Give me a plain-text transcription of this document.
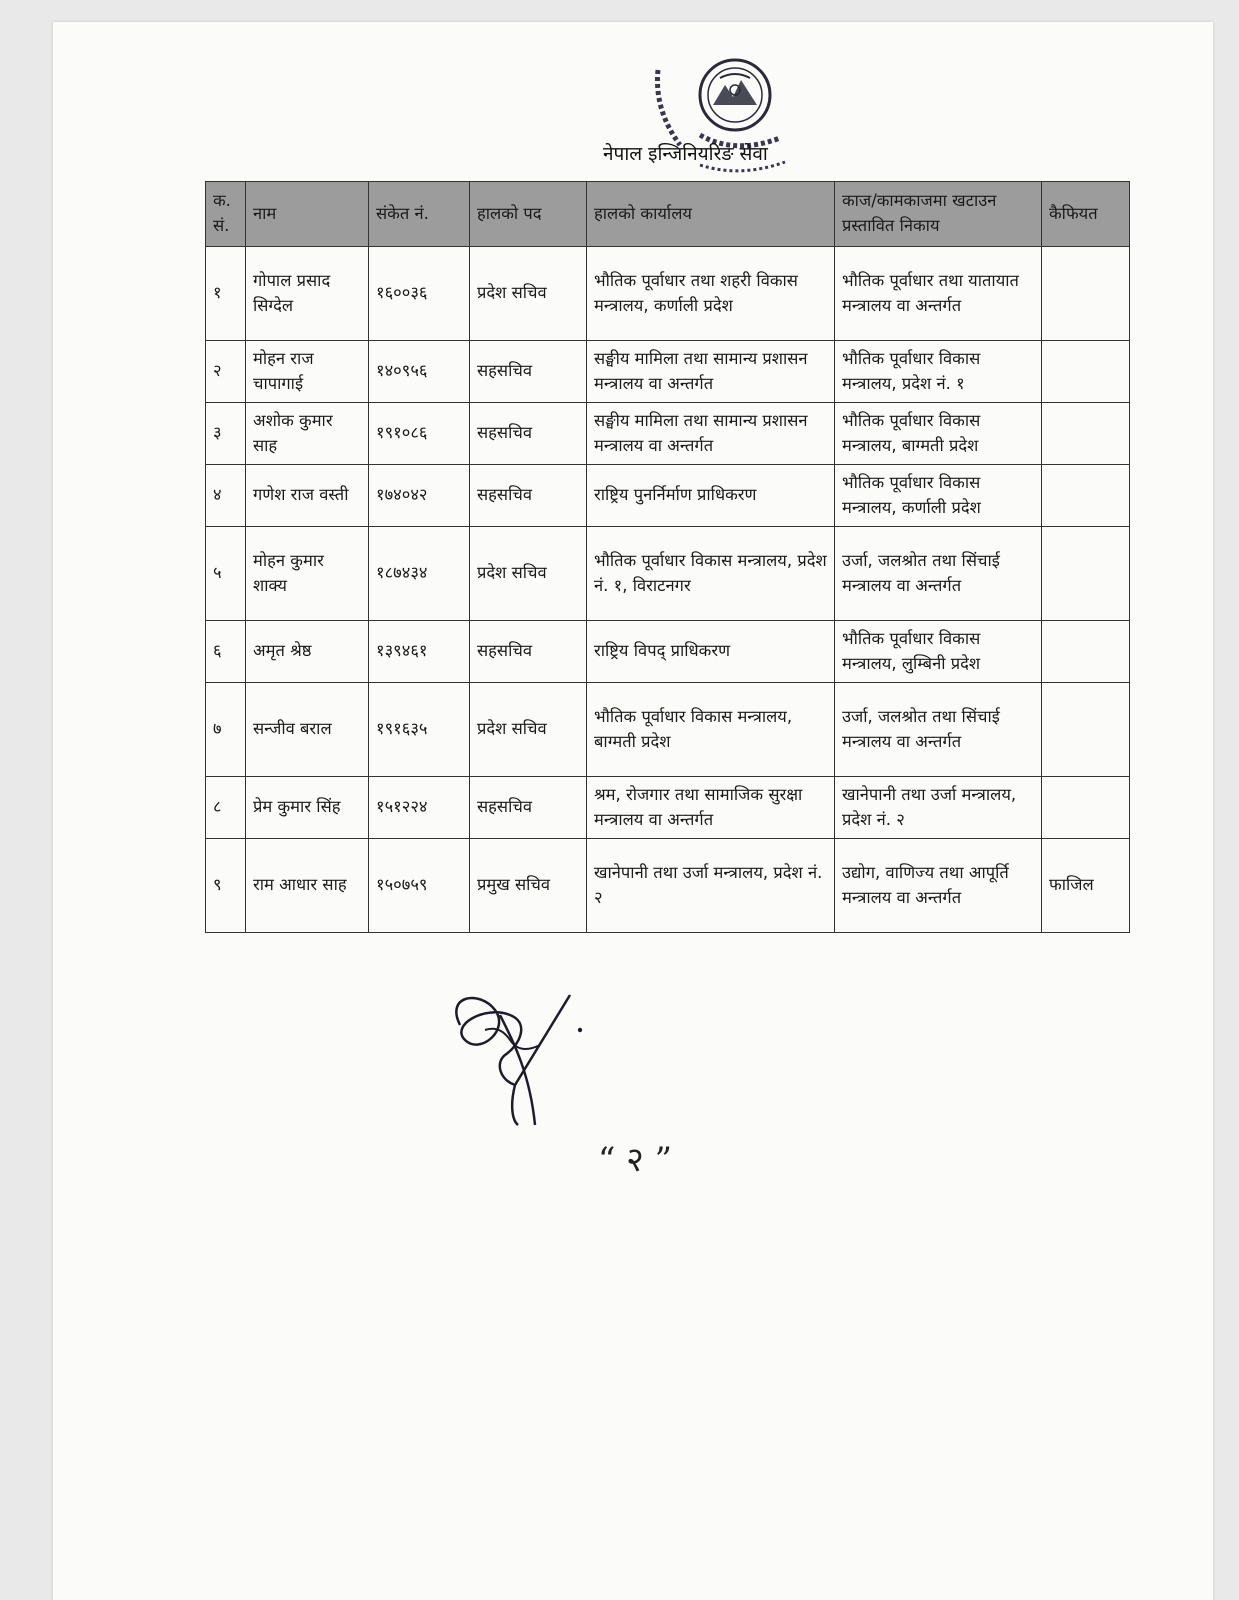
नेपाल इन्जिनियरिङ सेवा
क. सं.	नाम	संकेत नं.	हालको पद	हालको कार्यालय	काज/कामकाजमा खटाउन प्रस्तावित निकाय	कैफियत
१	गोपाल प्रसाद सिग्देल	१६००३६	प्रदेश सचिव	भौतिक पूर्वाधार तथा शहरी विकास मन्त्रालय, कर्णाली प्रदेश	भौतिक पूर्वाधार तथा यातायात मन्त्रालय वा अन्तर्गत	
२	मोहन राज चापागाई	१४०९५६	सहसचिव	सङ्घीय मामिला तथा सामान्य प्रशासन मन्त्रालय वा अन्तर्गत	भौतिक पूर्वाधार विकास मन्त्रालय, प्रदेश नं. १	
३	अशोक कुमार साह	१९१०८६	सहसचिव	सङ्घीय मामिला तथा सामान्य प्रशासन मन्त्रालय वा अन्तर्गत	भौतिक पूर्वाधार विकास मन्त्रालय, बाग्मती प्रदेश	
४	गणेश राज वस्ती	१७४०४२	सहसचिव	राष्ट्रिय पुनर्निर्माण प्राधिकरण	भौतिक पूर्वाधार विकास मन्त्रालय, कर्णाली प्रदेश	
५	मोहन कुमार शाक्य	१८७४३४	प्रदेश सचिव	भौतिक पूर्वाधार विकास मन्त्रालय, प्रदेश नं. १, विराटनगर	उर्जा, जलश्रोत तथा सिंचाई मन्त्रालय वा अन्तर्गत	
६	अमृत श्रेष्ठ	१३९४६१	सहसचिव	राष्ट्रिय विपद् प्राधिकरण	भौतिक पूर्वाधार विकास मन्त्रालय, लुम्बिनी प्रदेश	
७	सन्जीव बराल	१९१६३५	प्रदेश सचिव	भौतिक पूर्वाधार विकास मन्त्रालय, बाग्मती प्रदेश	उर्जा, जलश्रोत तथा सिंचाई मन्त्रालय वा अन्तर्गत	
८	प्रेम कुमार सिंह	१५१२२४	सहसचिव	श्रम, रोजगार तथा सामाजिक सुरक्षा मन्त्रालय वा अन्तर्गत	खानेपानी तथा उर्जा मन्त्रालय, प्रदेश नं. २	
९	राम आधार साह	१५०७५९	प्रमुख सचिव	खानेपानी तथा उर्जा मन्त्रालय, प्रदेश नं. २	उद्योग, वाणिज्य तथा आपूर्ति मन्त्रालय वा अन्तर्गत	फाजिल
“ २ ”
